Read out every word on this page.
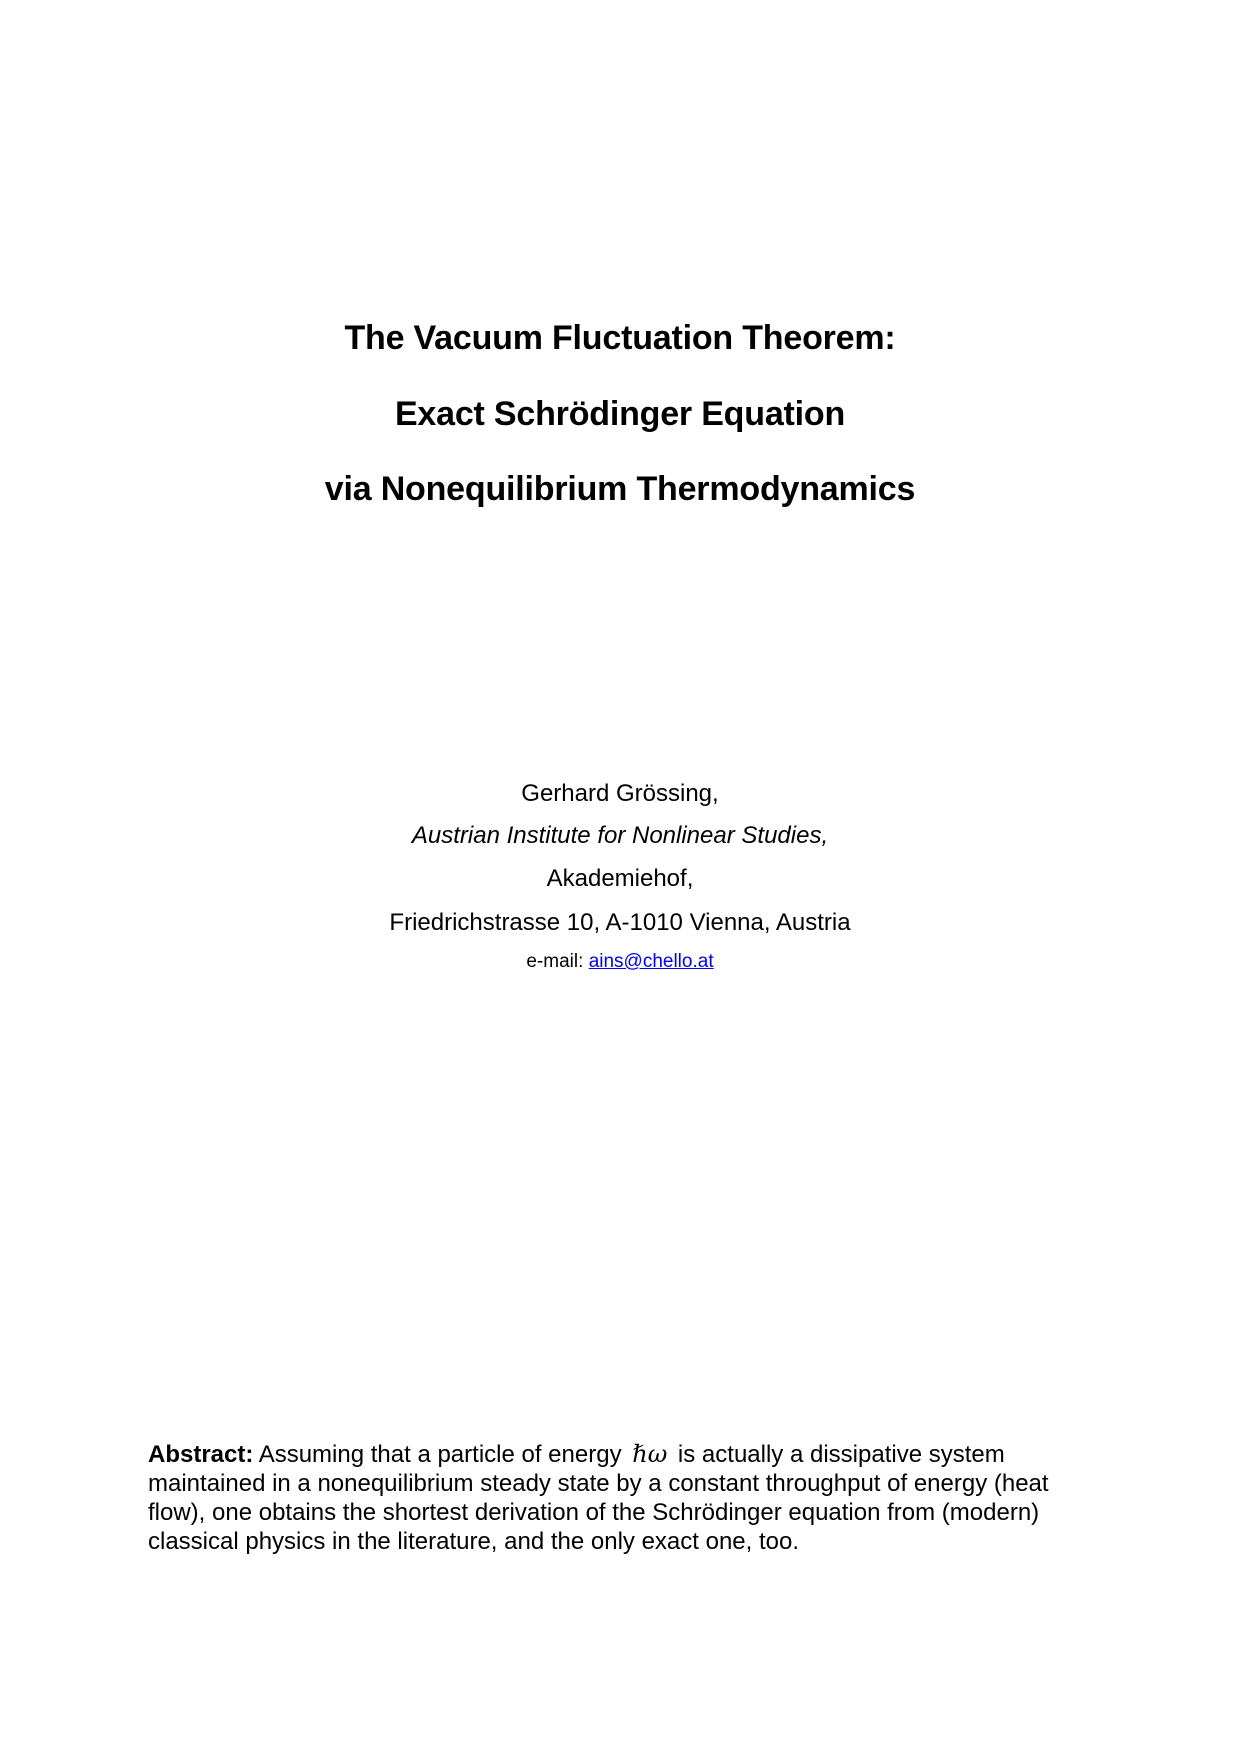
The Vacuum Fluctuation Theorem:
Exact Schrödinger Equation
via Nonequilibrium Thermodynamics
Gerhard Grössing,
Austrian Institute for Nonlinear Studies,
Akademiehof,
Friedrichstrasse 10, A-1010 Vienna, Austria
e-mail: ains@chello.at
Abstract: Assuming that a particle of energy ℏω is actually a dissipative system maintained in a nonequilibrium steady state by a constant throughput of energy (heat flow), one obtains the shortest derivation of the Schrödinger equation from (modern) classical physics in the literature, and the only exact one, too.
